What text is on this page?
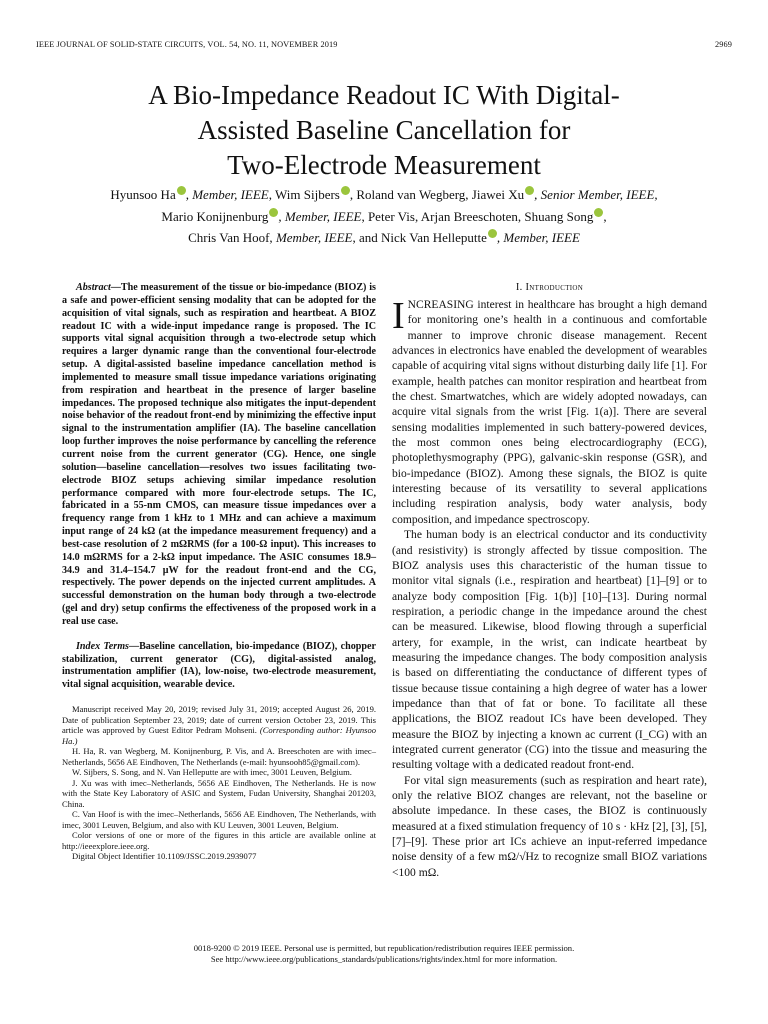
IEEE JOURNAL OF SOLID-STATE CIRCUITS, VOL. 54, NO. 11, NOVEMBER 2019	2969
A Bio-Impedance Readout IC With Digital-
Assisted Baseline Cancellation for
Two-Electrode Measurement
Hyunsoo Ha , Member, IEEE, Wim Sijbers , Roland van Wegberg, Jiawei Xu , Senior Member, IEEE,
Mario Konijnenburg , Member, IEEE, Peter Vis, Arjan Breeschoten, Shuang Song ,
Chris Van Hoof, Member, IEEE, and Nick Van Helleputte , Member, IEEE

Abstract—The measurement of the tissue or bio-impedance (BIOZ) is a safe and power-efficient sensing modality that can be adopted for the acquisition of vital signals, such as respiration and heartbeat. A BIOZ readout IC with a wide-input impedance range is proposed. The IC supports vital signal acquisition through a two-electrode setup which requires a larger dynamic range than the conventional four-electrode setup. A digital-assisted baseline impedance cancellation method is implemented to measure small tissue impedance variations originating from respiration and heartbeat in the presence of larger baseline impedances. The proposed technique also mitigates the input-dependent noise behavior of the readout front-end by minimizing the effective input signal to the instrumentation amplifier (IA). The baseline cancellation loop further improves the noise performance by cancelling the reference current noise from the current generator (CG). Hence, one single solution—baseline cancellation—resolves two issues facilitating two-electrode BIOZ setups achieving similar impedance resolution performance compared with more four-electrode setups. The IC, fabricated in a 55-nm CMOS, can measure tissue impedances over a frequency range from 1 kHz to 1 MHz and can achieve a maximum input range of 24 kΩ (at the impedance measurement frequency) and a best-case resolution of 2 mΩRMS (for a 100-Ω input). This increases to 14.0 mΩRMS for a 2-kΩ input impedance. The ASIC consumes 18.9–34.9 and 31.4–154.7 μW for the readout front-end and the CG, respectively. The power depends on the injected current amplitudes. A successful demonstration on the human body through a two-electrode (gel and dry) setup confirms the effectiveness of the proposed work in a real use case.

Index Terms—Baseline cancellation, bio-impedance (BIOZ), chopper stabilization, current generator (CG), digital-assisted analog, instrumentation amplifier (IA), low-noise, two-electrode measurement, vital signal acquisition, wearable device.

Manuscript received May 20, 2019; revised July 31, 2019; accepted August 26, 2019. Date of publication September 23, 2019; date of current version October 23, 2019. This article was approved by Guest Editor Pedram Mohseni. (Corresponding author: Hyunsoo Ha.)

H. Ha, R. van Wegberg, M. Konijnenburg, P. Vis, and A. Breeschoten are with imec–Netherlands, 5656 AE Eindhoven, The Netherlands (e-mail: hyunsooh85@gmail.com).

W. Sijbers, S. Song, and N. Van Helleputte are with imec, 3001 Leuven, Belgium.

J. Xu was with imec–Netherlands, 5656 AE Eindhoven, The Netherlands. He is now with the State Key Laboratory of ASIC and System, Fudan University, Shanghai 201203, China.

C. Van Hoof is with the imec–Netherlands, 5656 AE Eindhoven, The Netherlands, with imec, 3001 Leuven, Belgium, and also with KU Leuven, 3001 Leuven, Belgium.

Color versions of one or more of the figures in this article are available online at http://ieeexplore.ieee.org.

Digital Object Identifier 10.1109/JSSC.2019.2939077

I. Introduction

INCREASING interest in healthcare has brought a high demand for monitoring one’s health in a continuous and comfortable manner to improve chronic disease management. Recent advances in electronics have enabled the development of wearables capable of acquiring vital signs without disturbing daily life [1]. For example, health patches can monitor respiration and heartbeat from the chest. Smartwatches, which are widely adopted nowadays, can acquire vital signals from the wrist [Fig. 1(a)]. There are several sensing modalities implemented in such battery-powered devices, the most common ones being electrocardiography (ECG), photoplethysmography (PPG), galvanic-skin response (GSR), and bio-impedance (BIOZ). Among these signals, the BIOZ is quite interesting because of its versatility to several applications including respiration analysis, body water analysis, body composition, and impedance spectroscopy.

The human body is an electrical conductor and its conductivity (and resistivity) is strongly affected by tissue composition. The BIOZ analysis uses this characteristic of the human tissue to monitor vital signals (i.e., respiration and heartbeat) [1]–[9] or to analyze body composition [Fig. 1(b)] [10]–[13]. During normal respiration, a periodic change in the impedance around the chest can be measured. Likewise, blood flowing through a superficial artery, for example, in the wrist, can indicate heartbeat by measuring the impedance changes. The body composition analysis is based on differentiating the conductance of different types of tissue because tissue containing a high degree of water has a lower impedance than that of fat or bone. To facilitate all these applications, the BIOZ readout ICs have been developed. They measure the BIOZ by injecting a known ac current (I_CG) with an integrated current generator (CG) into the tissue and measuring the resulting voltage with a dedicated readout front-end.

For vital sign measurements (such as respiration and heart rate), only the relative BIOZ changes are relevant, not the baseline or absolute impedance. In these cases, the BIOZ is continuously measured at a fixed stimulation frequency of 10 s · kHz [2], [3], [5], [7]–[9]. These prior art ICs achieve an input-referred impedance noise density of a few mΩ/√Hz to recognize small BIOZ variations <100 mΩ.

0018-9200 © 2019 IEEE. Personal use is permitted, but republication/redistribution requires IEEE permission.

See http://www.ieee.org/publications_standards/publications/rights/index.html for more information.
